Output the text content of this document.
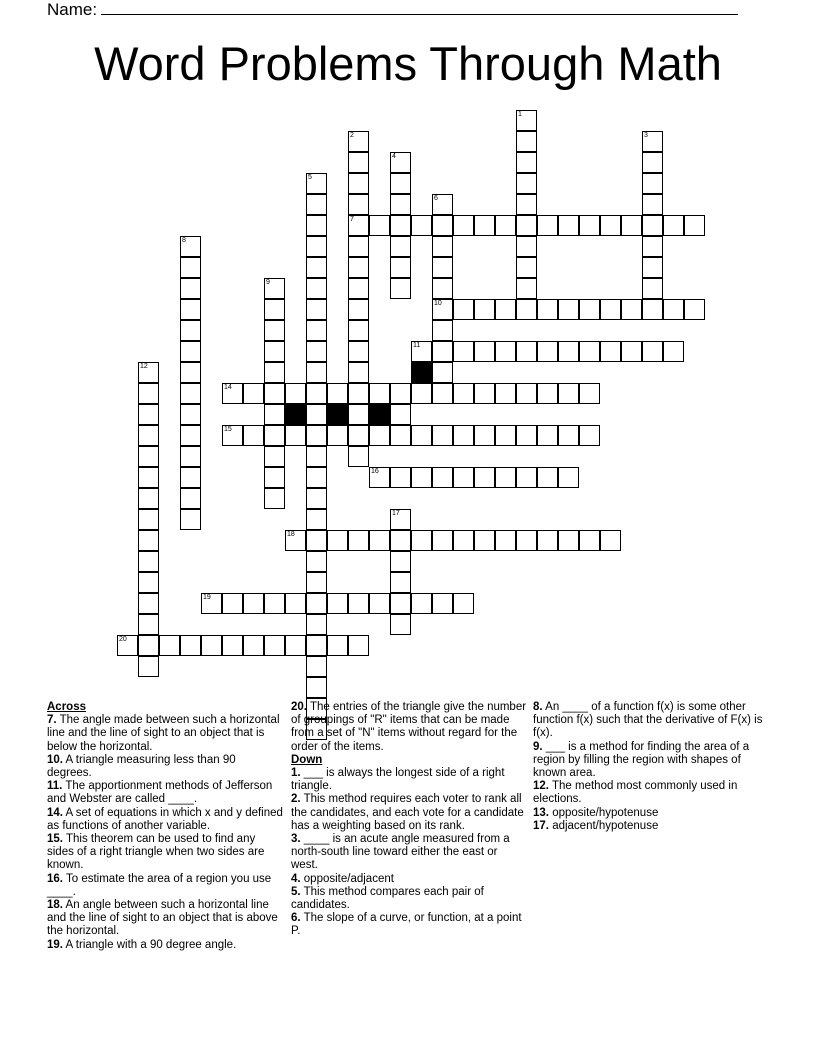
Name:
Word Problems Through Math
1
2
7
3
4
5
6
10
8
9
11
12
14
15
16
17
18
19
20
Across
7. The angle made between such a horizontal line and the line of sight to an object that is below the horizontal.
10. A triangle measuring less than 90 degrees.
11. The apportionment methods of Jefferson and Webster are called ____.
14. A set of equations in which x and y defined as functions of another variable.
15. This theorem can be used to find any sides of a right triangle when two sides are known.
16. To estimate the area of a region you use ____.
18. An angle between such a horizontal line and the line of sight to an object that is above the horizontal.
19. A triangle with a 90 degree angle.
20. The entries of the triangle give the number of groupings of "R" items that can be made from a set of "N" items without regard for the order of the items.
Down
1. ___ is always the longest side of a right triangle.
2. This method requires each voter to rank all the candidates, and each vote for a candidate has a weighting based on its rank.
3. ____ is an acute angle measured from a north-south line toward either the east or west.
4. opposite/adjacent
5. This method compares each pair of candidates.
6. The slope of a curve, or function, at a point P.
8. An ____ of a function f(x) is some other function f(x) such that the derivative of F(x) is f(x).
9. ___ is a method for finding the area of a region by filling the region with shapes of known area.
12. The method most commonly used in elections.
13. opposite/hypotenuse
17. adjacent/hypotenuse
